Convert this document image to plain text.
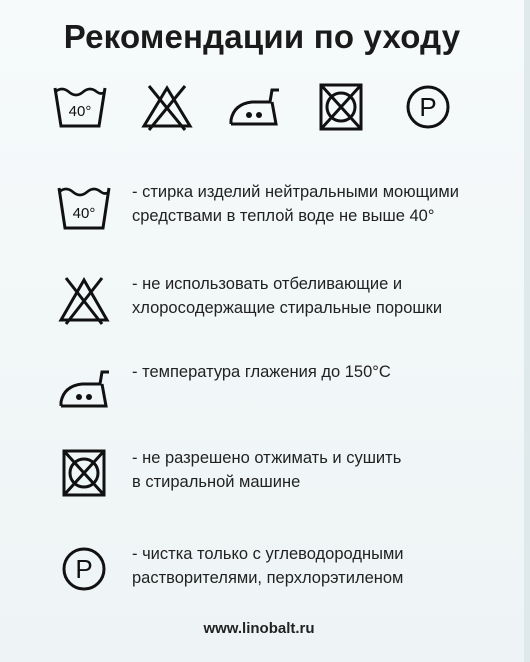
Рекомендации по уходу
40°	P
40°
- стирка изделий нейтральными моющими
средствами в теплой воде не выше 40°
- не использовать отбеливающие и
хлоросодержащие стиральные порошки
- температура глажения до 150°С
- не разрешено отжимать и сушить
в стиральной машине
P - чистка только с углеводородными
растворителями, перхлорэтиленом
www.linobalt.ru
